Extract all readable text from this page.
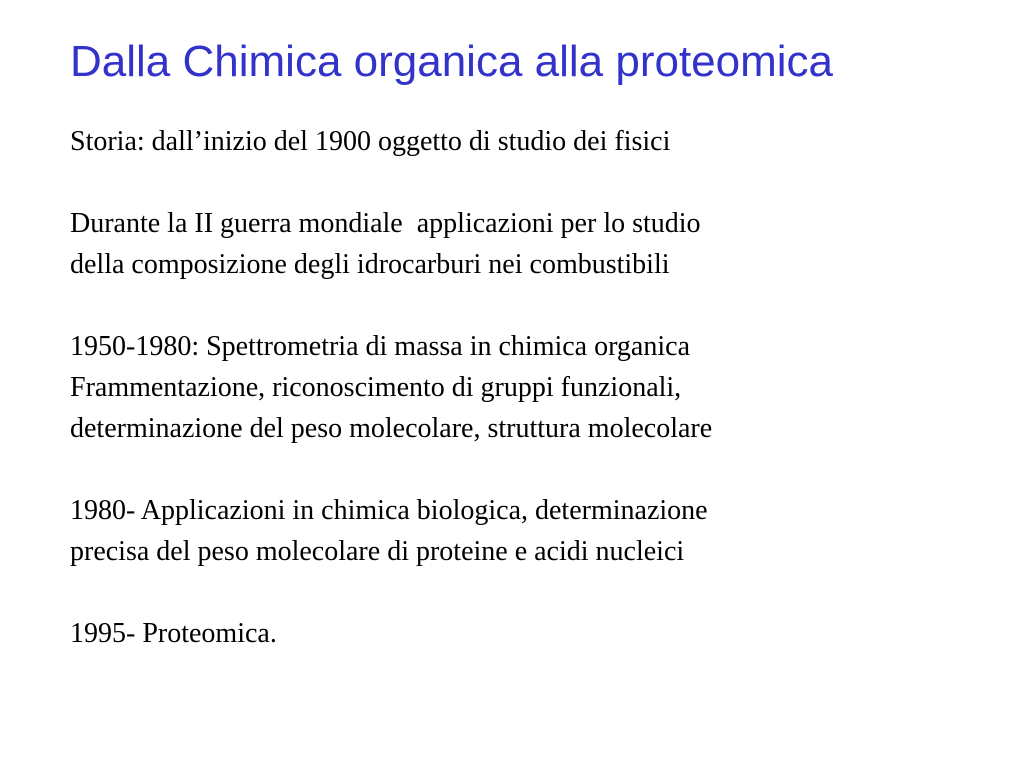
Dalla Chimica organica alla proteomica

Storia: dall’inizio del 1900 oggetto di studio dei fisici

Durante la II guerra mondiale  applicazioni per lo studio
della composizione degli idrocarburi nei combustibili

1950-1980: Spettrometria di massa in chimica organica
Frammentazione, riconoscimento di gruppi funzionali,
determinazione del peso molecolare, struttura molecolare

1980- Applicazioni in chimica biologica, determinazione
precisa del peso molecolare di proteine e acidi nucleici

1995- Proteomica.
